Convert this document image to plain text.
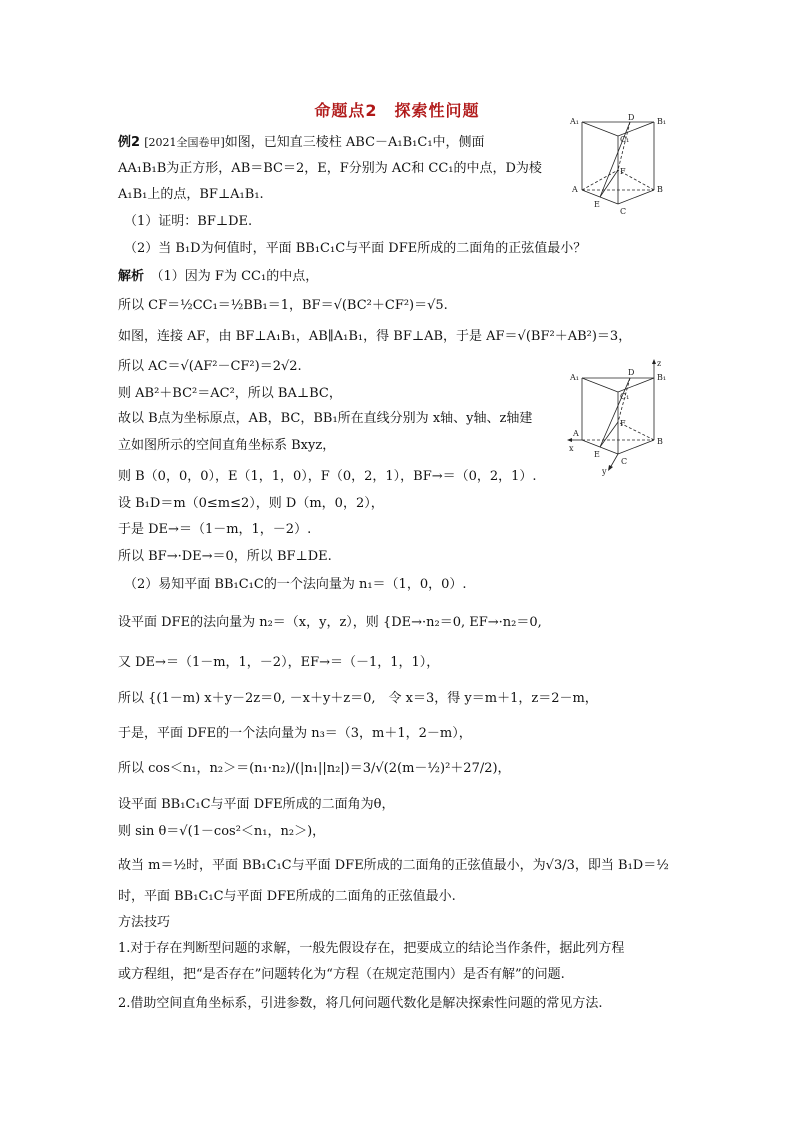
命题点2　探索性问题
例2 [2021全国卷甲]如图，已知直三棱柱 ABC－A₁B₁C₁中，侧面
AA₁B₁B为正方形，AB＝BC＝2，E，F分别为 AC和 CC₁的中点，D为棱
A₁B₁上的点，BF⊥A₁B₁.
（1）证明：BF⊥DE.
（2）当 B₁D为何值时，平面 BB₁C₁C与平面 DFE所成的二面角的正弦值最小？
解析　 （1）因为 F为 CC₁的中点，
所以 CF＝½CC₁＝½BB₁＝1，BF＝√(BC²＋CF²)＝√5.
如图，连接 AF，由 BF⊥A₁B₁，AB∥A₁B₁，得 BF⊥AB，于是 AF＝√(BF²＋AB²)＝3，
所以 AC＝√(AF²－CF²)＝2√2.
则 AB²＋BC²＝AC²，所以 BA⊥BC，
故以 B点为坐标原点，AB，BC，BB₁所在直线分别为 x轴、y轴、z轴建
立如图所示的空间直角坐标系 Bxyz，
则 B（0，0，0），E（1，1，0），F（0，2，1），BF→＝（0，2，1）.
设 B₁D＝m（0≤m≤2），则 D（m，0，2），
于是 DE→＝（1－m，1，－2）.
所以 BF→·DE→＝0，所以 BF⊥DE.
（2）易知平面 BB₁C₁C的一个法向量为 n₁＝（1，0，0）.
设平面 DFE的法向量为 n₂＝（x，y，z），则 {DE→·n₂＝0, EF→·n₂＝0,
又 DE→＝（1－m，1，－2），EF→＝（－1，1，1），
所以 {(1－m) x＋y－2z＝0, －x＋y＋z＝0,　令 x＝3，得 y＝m＋1，z＝2－m，
于是，平面 DFE的一个法向量为 n₃＝（3，m＋1，2－m），
所以 cos＜n₁，n₂＞＝(n₁·n₂)/(|n₁||n₂|)＝3/√(2(m－½)²＋27/2)，
设平面 BB₁C₁C与平面 DFE所成的二面角为θ，
则 sin θ＝√(1－cos²＜n₁，n₂＞)，
故当 m＝½时，平面 BB₁C₁C与平面 DFE所成的二面角的正弦值最小，为√3/3，即当 B₁D＝½
时，平面 BB₁C₁C与平面 DFE所成的二面角的正弦值最小.
方法技巧
1.对于存在判断型问题的求解，一般先假设存在，把要成立的结论当作条件，据此列方程
或方程组，把“是否存在”问题转化为“方程（在规定范围内）是否有解”的问题.
2.借助空间直角坐标系，引进参数，将几何问题代数化是解决探索性问题的常见方法.
A₁	D	B₁
C₁
F
A	B
E
C
z
A₁
D
B₁
C₁
F
A
x
B
E
y
C
